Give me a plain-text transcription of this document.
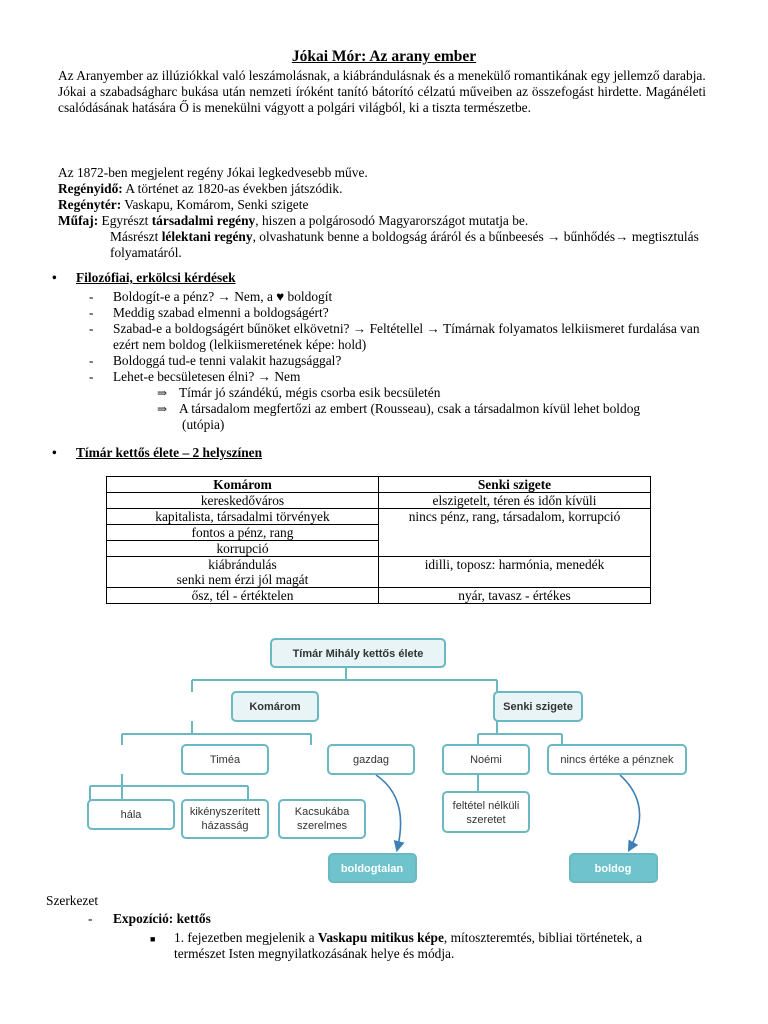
Jókai Mór: Az arany ember
Az Aranyember az illúziókkal való leszámolásnak, a kiábrándulásnak és a menekülő romantikának egy jellemző darabja.
Jókai a szabadságharc bukása után nemzeti íróként tanító bátorító célzatú műveiben az összefogást hirdette. Magánéleti csalódásának hatására Ő is menekülni vágyott a polgári világból, ki a tiszta természetbe.
Az 1872-ben megjelent regény Jókai legkedvesebb műve.
Regényidő: A történet az 1820-as években játszódik.
Regénytér: Vaskapu, Komárom, Senki szigete
Műfaj: Egyrészt társadalmi regény, hiszen a polgárosodó Magyarországot mutatja be.
Másrészt lélektani regény, olvashatunk benne a boldogság áráról és a bűnbeesés → bűnhődés→ megtisztulás folyamatáról.
• Filozófiai, erkölcsi kérdések
- Boldogít-e a pénz? → Nem, a ♥ boldogít
- Meddig szabad elmenni a boldogságért?
- Szabad-e a boldogságért bűnöket elkövetni? → Feltétellel → Tímárnak folyamatos lelkiismeret furdalása van ezért nem boldog (lelkiismeretének képe: hold)
- Boldoggá tud-e tenni valakit hazugsággal?
- Lehet-e becsületesen élni? → Nem
⇒ Tímár jó szándékú, mégis csorba esik becsületén
⇒ A társadalom megfertőzi az embert (Rousseau), csak a társadalmon kívül lehet boldog
(utópia)
• Tímár kettős élete – 2 helyszínen
Komárom	Senki szigete
kereskedőváros	elszigetelt, téren és időn kívüli
kapitalista, társadalmi törvények	nincs pénz, rang, társadalom, korrupció
fontos a pénz, rang	
korrupció	

kiábrándulás
senki nem érzi jól magát	idilli, toposz: harmónia, menedék
ősz, tél - értéktelen	nyár, tavasz - értékes
Tímár Mihály kettős élete
Komárom	Senki szigete
Timéa	gazdag	Noémi	nincs értéke a pénznek
hála	kikényszerített
házasság
Kacsukába
szerelmes
feltétel nélküli
szeretet
boldogtalan	boldog
Szerkezet
- Expozíció: kettős
■	1. fejezetben megjelenik a Vaskapu mitikus képe, mítoszteremtés, bibliai történetek, a természet Isten megnyilatkozásának helye és módja.
